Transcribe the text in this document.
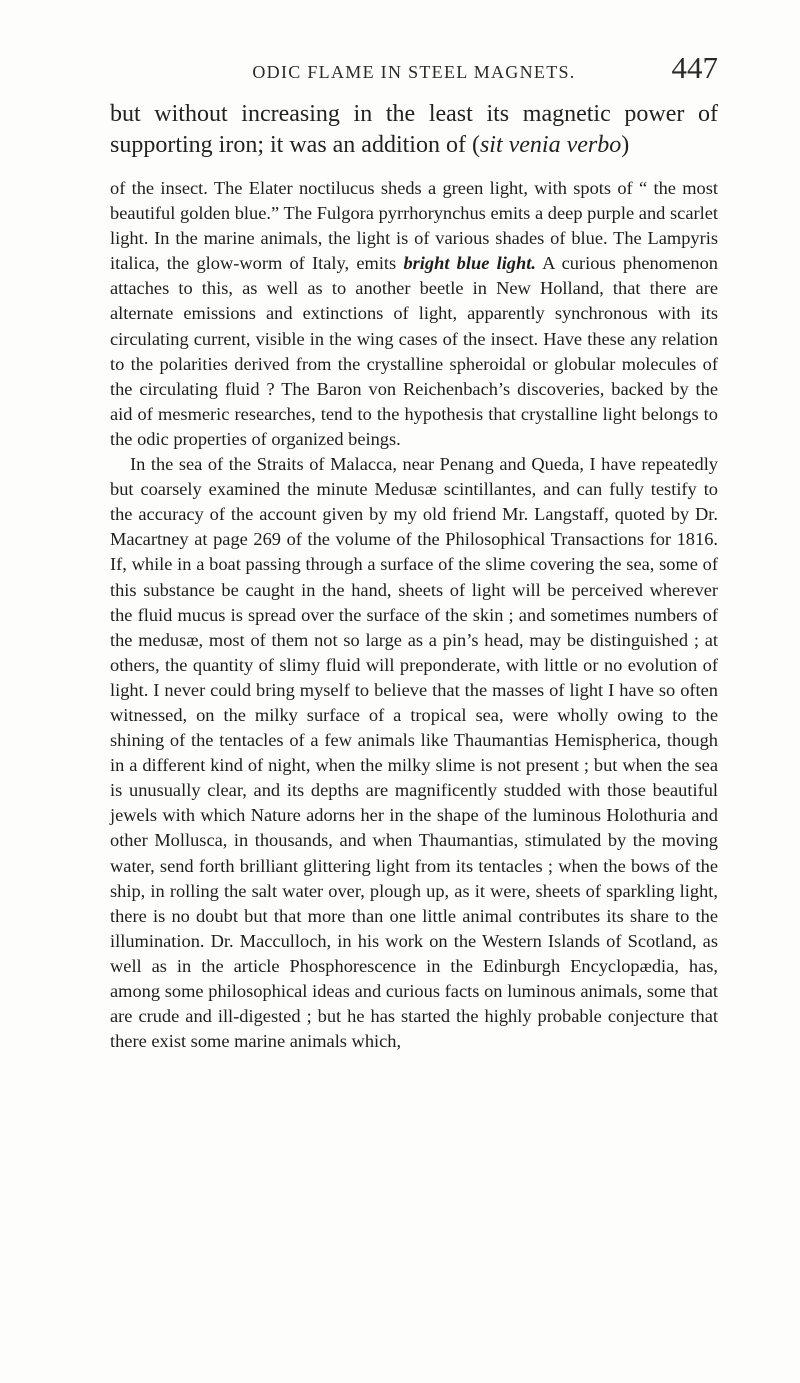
ODIC FLAME IN STEEL MAGNETS.	447

but without increasing in the least its magnetic power of supporting iron; it was an addition of (sit venia verbo)

of the insect. The Elater noctilucus sheds a green light, with spots of “ the most beautiful golden blue.” The Fulgora pyrrhorynchus emits a deep purple and scarlet light. In the marine animals, the light is of various shades of blue. The Lampyris italica, the glow-worm of Italy, emits bright blue light. A curious phenomenon attaches to this, as well as to another beetle in New Holland, that there are alternate emissions and extinctions of light, apparently synchronous with its circulating current, visible in the wing cases of the insect. Have these any relation to the polarities derived from the crystalline spheroidal or globular molecules of the circulating fluid ? The Baron von Reichenbach’s discoveries, backed by the aid of mesmeric researches, tend to the hypothesis that crystalline light belongs to the odic properties of organized beings.

In the sea of the Straits of Malacca, near Penang and Queda, I have repeatedly but coarsely examined the minute Medusæ scintillantes, and can fully testify to the accuracy of the account given by my old friend Mr. Langstaff, quoted by Dr. Macartney at page 269 of the volume of the Philosophical Transactions for 1816. If, while in a boat passing through a surface of the slime covering the sea, some of this substance be caught in the hand, sheets of light will be perceived wherever the fluid mucus is spread over the surface of the skin ; and sometimes numbers of the medusæ, most of them not so large as a pin’s head, may be distinguished ; at others, the quantity of slimy fluid will preponderate, with little or no evolution of light. I never could bring myself to believe that the masses of light I have so often witnessed, on the milky surface of a tropical sea, were wholly owing to the shining of the tentacles of a few animals like Thaumantias Hemispherica, though in a different kind of night, when the milky slime is not present ; but when the sea is unusually clear, and its depths are magnificently studded with those beautiful jewels with which Nature adorns her in the shape of the luminous Holothuria and other Mollusca, in thousands, and when Thaumantias, stimulated by the moving water, send forth brilliant glittering light from its tentacles ; when the bows of the ship, in rolling the salt water over, plough up, as it were, sheets of sparkling light, there is no doubt but that more than one little animal contributes its share to the illumination. Dr. Macculloch, in his work on the Western Islands of Scotland, as well as in the article Phosphorescence in the Edinburgh Encyclopædia, has, among some philosophical ideas and curious facts on luminous animals, some that are crude and ill-digested ; but he has started the highly probable conjecture that there exist some marine animals which,
